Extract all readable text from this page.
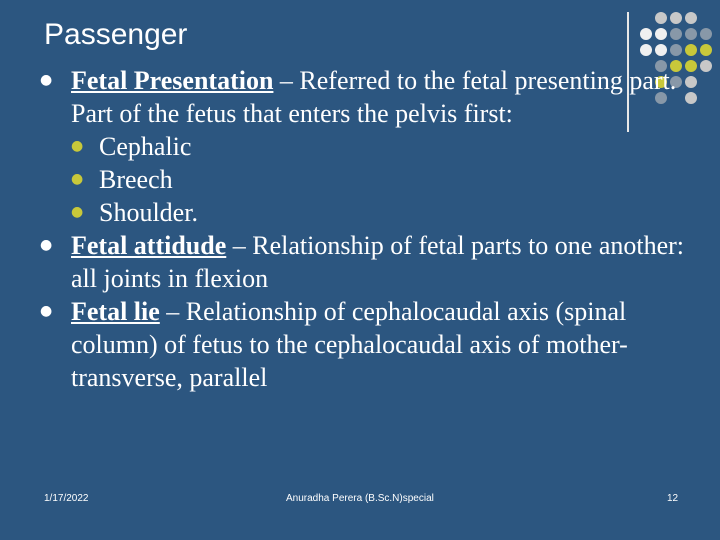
Passenger
● Fetal Presentation – Referred to the fetal presenting part. Part of the fetus that enters the pelvis first:
● Cephalic
● Breech
● Shoulder.
● Fetal attidude – Relationship of fetal parts to one another: all joints in flexion
● Fetal lie – Relationship of cephalocaudal axis (spinal column) of fetus to the cephalocaudal axis of mother- transverse, parallel
1/17/2022	Anuradha Perera (B.Sc.N)special	12
